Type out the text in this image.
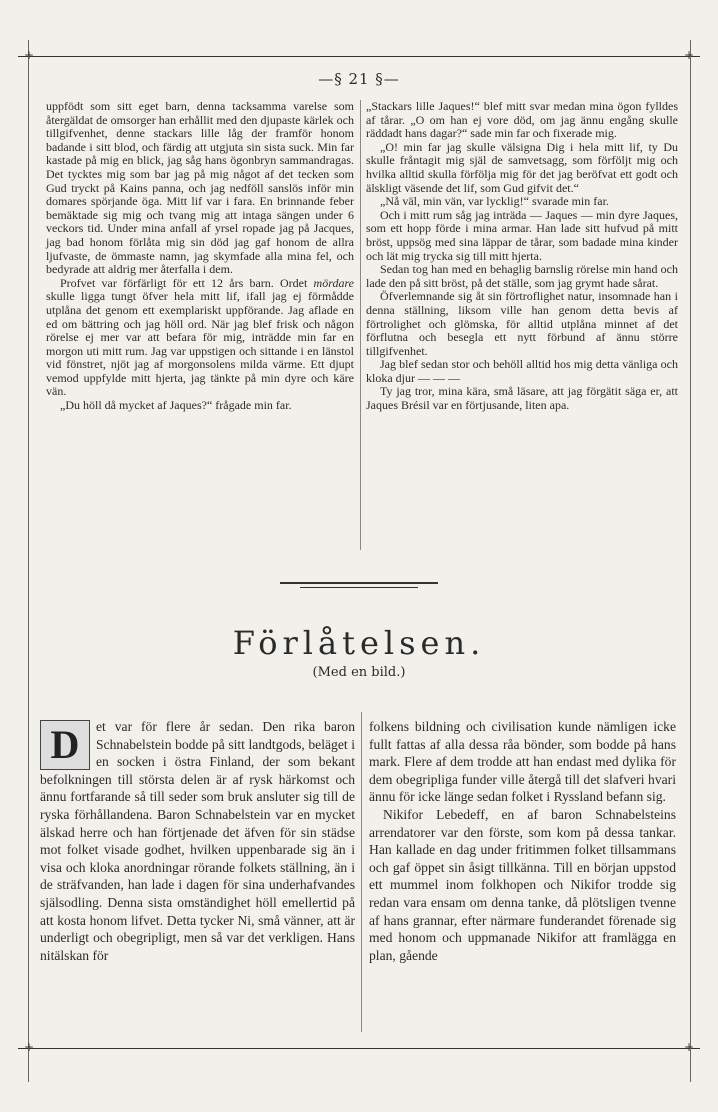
+	+
+	+
—§ 21 §—

uppfödt som sitt eget barn, denna tacksamma varelse som återgäldat de omsorger han erhållit med den djupaste kärlek och tillgifvenhet, denne stackars lille låg der framför honom badande i sitt blod, och färdig att utgjuta sin sista suck. Min far kastade på mig en blick, jag såg hans ögonbryn sammandragas. Det tycktes mig som bar jag på mig något af det tecken som Gud tryckt på Kains panna, och jag nedföll sanslös inför min domares spörjande öga. Mitt lif var i fara. En brinnande feber bemäktade sig mig och tvang mig att intaga sängen under 6 veckors tid. Under mina anfall af yrsel ropade jag på Jacques, jag bad honom förlåta mig sin död jag gaf honom de allra ljufvaste, de ömmaste namn, jag skymfade alla mina fel, och bedyrade att aldrig mer återfalla i dem.

Profvet var förfärligt för ett 12 års barn. Ordet mördare skulle ligga tungt öfver hela mitt lif, ifall jag ej förmådde utplåna det genom ett exemplariskt uppförande. Jag aflade en ed om bättring och jag höll ord. När jag blef frisk och någon rörelse ej mer var att befara för mig, inträdde min far en morgon uti mitt rum. Jag var uppstigen och sittande i en länstol vid fönstret, njöt jag af morgonsolens milda värme. Ett djupt vemod uppfylde mitt hjerta, jag tänkte på min dyre och käre vän.

„Du höll då mycket af Jaques?“ frågade min far.

„Stackars lille Jaques!“ blef mitt svar medan mina ögon fylldes af tårar. „O om han ej vore död, om jag ännu engång skulle räddadt hans dagar?“ sade min far och fixerade mig.

„O! min far jag skulle välsigna Dig i hela mitt lif, ty Du skulle fråntagit mig själ de samvetsagg, som förföljt mig och hvilka alltid skulla förfölja mig för det jag beröfvat ett godt och älskligt väsende det lif, som Gud gifvit det.“

„Nå väl, min vän, var lycklig!“ svarade min far.

Och i mitt rum såg jag inträda — Jaques — min dyre Jaques, som ett hopp förde i mina armar. Han lade sitt hufvud på mitt bröst, uppsög med sina läppar de tårar, som badade mina kinder och lät mig trycka sig till mitt hjerta.

Sedan tog han med en behaglig barnslig rörelse min hand och lade den på sitt bröst, på det ställe, som jag grymt hade sårat.

Öfverlemnande sig åt sin förtroflighet natur, insomnade han i denna ställning, liksom ville han genom detta bevis af förtrolighet och glömska, för alltid utplåna minnet af det förflutna och besegla ett nytt förbund af ännu större tillgifvenhet.

Jag blef sedan stor och behöll alltid hos mig detta vänliga och kloka djur — — —

Ty jag tror, mina kära, små läsare, att jag förgätit säga er, att Jaques Brésil var en förtjusande, liten apa.

Förlåtelsen.
(Med en bild.)

D	et var för flere år sedan. Den rika baron Schnabelstein bodde på sitt landtgods, beläget i en socken i östra Finland, der som bekant befolkningen till största delen är af rysk härkomst och ännu fortfarande så till seder som bruk ansluter sig till de ryska förhållandena. Baron Schnabelstein var en mycket älskad herre och han förtjenade det äfven för sin städse mot folket visade godhet, hvilken uppenbarade sig än i visa och kloka anordningar rörande folkets ställning, än i de sträfvanden, han lade i dagen för sina underhafvandes själsodling. Denna sista omständighet höll emellertid på att kosta honom lifvet. Detta tycker Ni, små vänner, att är underligt och obegripligt, men så var det verkligen. Hans nitälskan för

folkens bildning och civilisation kunde nämligen icke fullt fattas af alla dessa råa bönder, som bodde på hans mark. Flere af dem trodde att han endast med dylika för dem obegripliga funder ville återgå till det slafveri hvari ännu för icke länge sedan folket i Ryssland befann sig.

Nikifor Lebedeff, en af baron Schnabelsteins arrendatorer var den förste, som kom på dessa tankar. Han kallade en dag under fritimmen folket tillsammans och gaf öppet sin åsigt tillkänna. Till en början uppstod ett mummel inom folkhopen och Nikifor trodde sig redan vara ensam om denna tanke, då plötsligen tvenne af hans grannar, efter närmare funderandet förenade sig med honom och uppmanade Nikifor att framlägga en plan, gående
